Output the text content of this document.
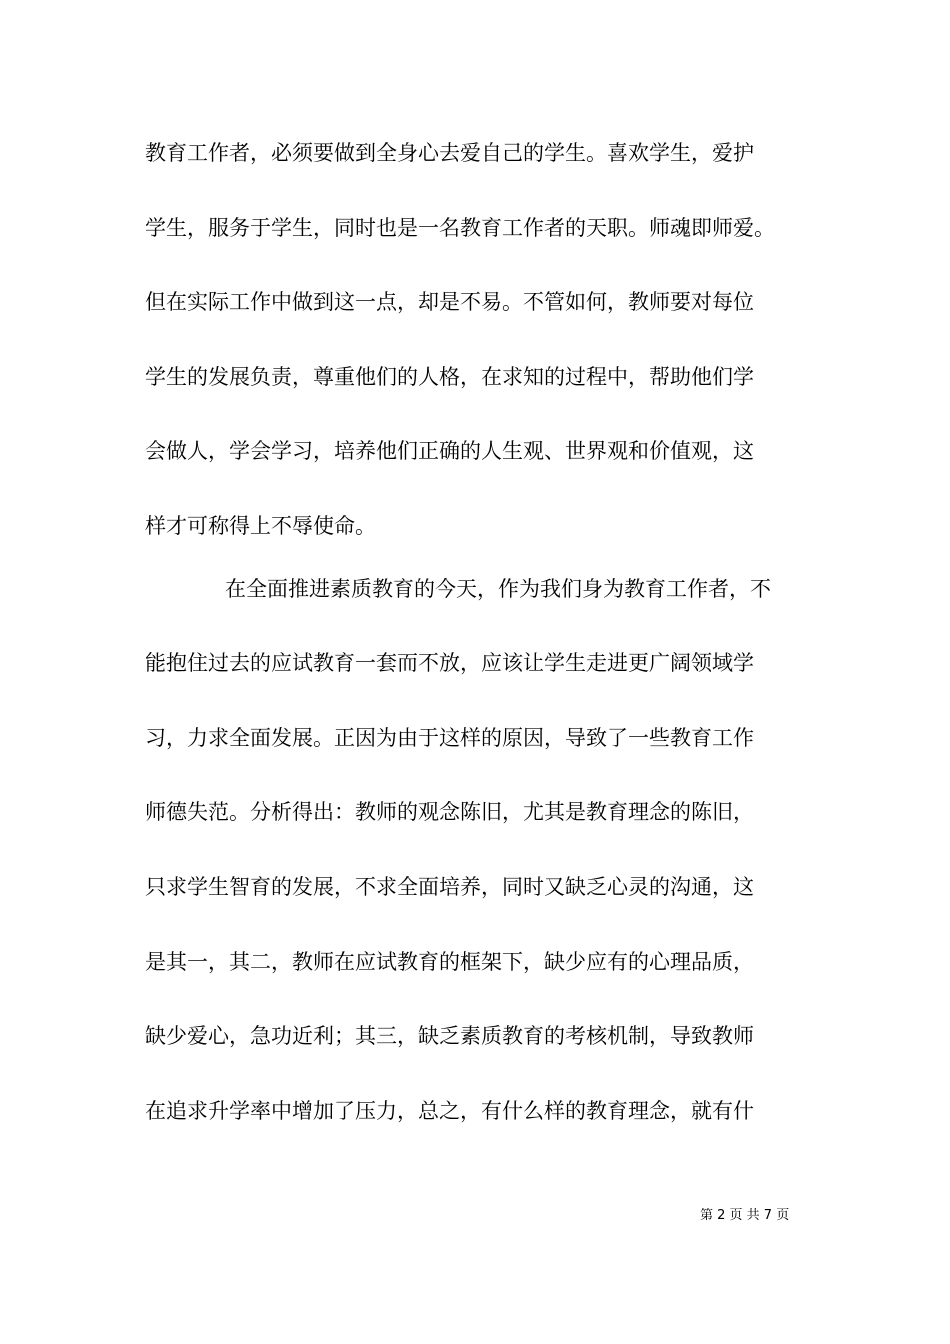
教育工作者，必须要做到全身心去爱自己的学生。喜欢学生，爱护
学生，服务于学生，同时也是一名教育工作者的天职。师魂即师爱。
但在实际工作中做到这一点，却是不易。不管如何，教师要对每位
学生的发展负责，尊重他们的人格，在求知的过程中，帮助他们学
会做人，学会学习，培养他们正确的人生观、世界观和价值观，这
样才可称得上不辱使命。
在全面推进素质教育的今天，作为我们身为教育工作者，不
能抱住过去的应试教育一套而不放，应该让学生走进更广阔领域学
习，力求全面发展。正因为由于这样的原因，导致了一些教育工作
师德失范。分析得出：教师的观念陈旧，尤其是教育理念的陈旧，
只求学生智育的发展，不求全面培养，同时又缺乏心灵的沟通，这
是其一，其二，教师在应试教育的框架下，缺少应有的心理品质，
缺少爱心，急功近利；其三，缺乏素质教育的考核机制，导致教师
在追求升学率中增加了压力，总之，有什么样的教育理念，就有什
第 2 页 共 7 页
